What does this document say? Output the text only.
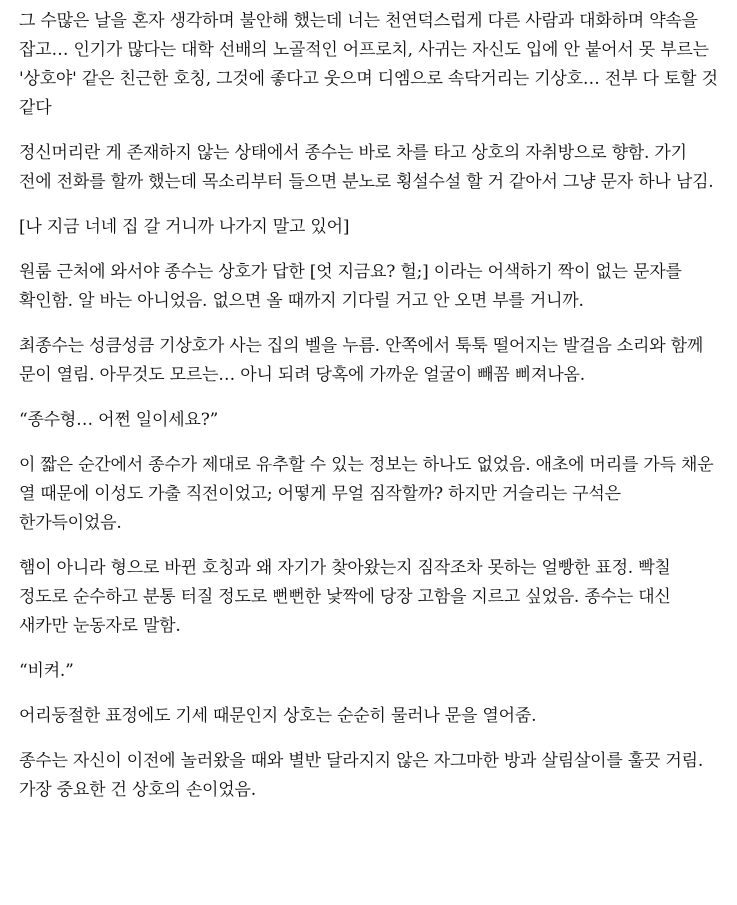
그 수많은 날을 혼자 생각하며 불안해 했는데 너는 천연덕스럽게 다른 사람과 대화하며 약속을 잡고… 인기가 많다는 대학 선배의 노골적인 어프로치, 사귀는 자신도 입에 안 붙어서 못 부르는 '상호야' 같은 친근한 호칭, 그것에 좋다고 웃으며 디엠으로 속닥거리는 기상호… 전부 다 토할 것 같다

정신머리란 게 존재하지 않는 상태에서 종수는 바로 차를 타고 상호의 자취방으로 향함. 가기 전에 전화를 할까 했는데 목소리부터 들으면 분노로 횡설수설 할 거 같아서 그냥 문자 하나 남김.

[나 지금 너네 집 갈 거니까 나가지 말고 있어]

원룸 근처에 와서야 종수는 상호가 답한 [엇 지금요? 헐;] 이라는 어색하기 짝이 없는 문자를 확인함. 알 바는 아니었음. 없으면 올 때까지 기다릴 거고 안 오면 부를 거니까.

최종수는 성큼성큼 기상호가 사는 집의 벨을 누름. 안쪽에서 툭툭 떨어지는 발걸음 소리와 함께 문이 열림. 아무것도 모르는… 아니 되려 당혹에 가까운 얼굴이 빼꼼 삐져나옴.

“종수형… 어쩐 일이세요?”

이 짧은 순간에서 종수가 제대로 유추할 수 있는 정보는 하나도 없었음. 애초에 머리를 가득 채운 열 때문에 이성도 가출 직전이었고; 어떻게 무얼 짐작할까? 하지만 거슬리는 구석은 한가득이었음.

햄이 아니라 형으로 바뀐 호칭과 왜 자기가 찾아왔는지 짐작조차 못하는 얼빵한 표정. 빡칠 정도로 순수하고 분통 터질 정도로 뻔뻔한 낯짝에 당장 고함을 지르고 싶었음. 종수는 대신 새카만 눈동자로 말함.

“비켜.”

어리둥절한 표정에도 기세 때문인지 상호는 순순히 물러나 문을 열어줌.

종수는 자신이 이전에 놀러왔을 때와 별반 달라지지 않은 자그마한 방과 살림살이를 훌끗 거림. 가장 중요한 건 상호의 손이었음.
